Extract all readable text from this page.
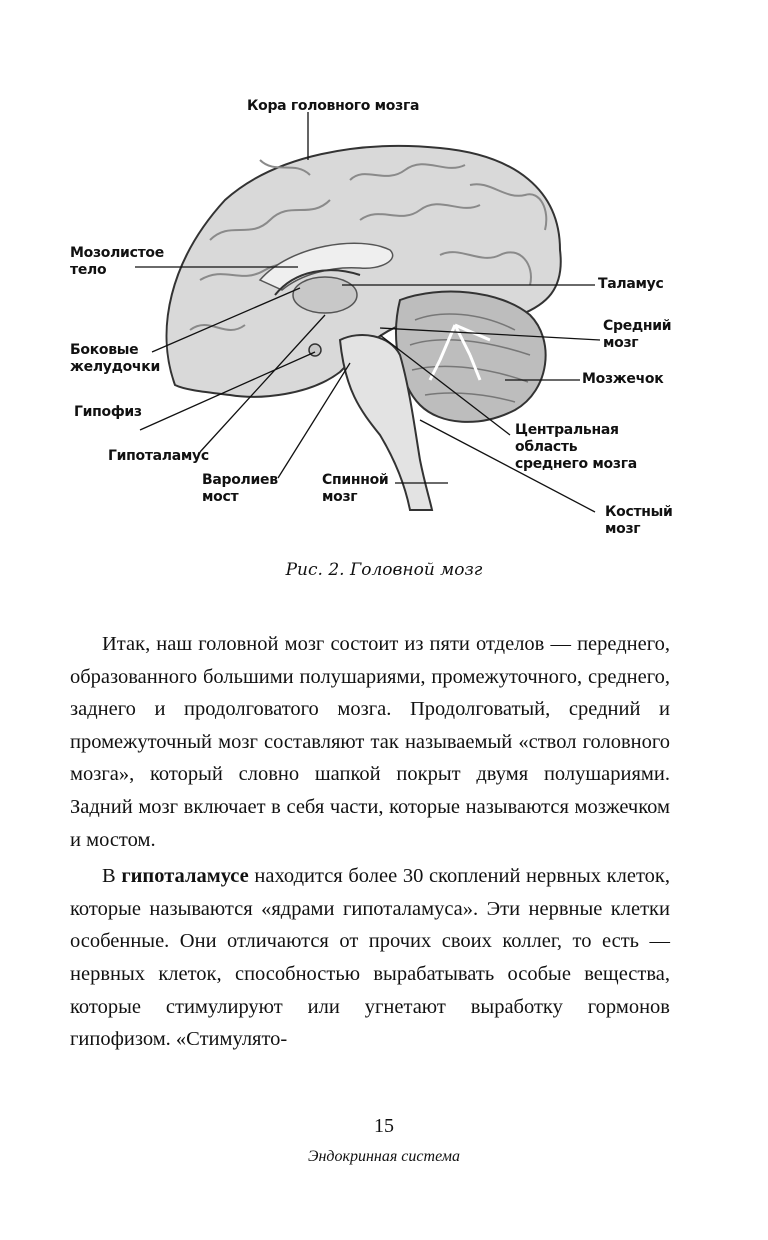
Кора головного мозга
Мозолистое
тело
Таламус
Средний
мозг
Боковые
желудочки
Мозжечок
Гипофиз
Центральная
область
среднего мозга
Гипоталамус
Варолиев
мост
Спинной
мозг
Костный
мозг
Рис. 2. Головной мозг

Итак, наш головной мозг состоит из пяти отделов — переднего, образованного большими полушариями, промежуточного, среднего, заднего и продолговатого мозга. Продолговатый, средний и промежуточный мозг составляют так называемый «ствол головного мозга», который словно шапкой покрыт двумя полушариями. Задний мозг включает в себя части, которые называются мозжечком и мостом.

В гипоталамусе находится более 30 скоплений нервных клеток, которые называются «ядрами гипоталамуса». Эти нервные клетки особенные. Они отличаются от прочих своих коллег, то есть — нервных клеток, способностью вырабатывать особые вещества, которые стимулируют или угнетают выработку гормонов гипофизом. «Стимулято-

15
Эндокринная система
